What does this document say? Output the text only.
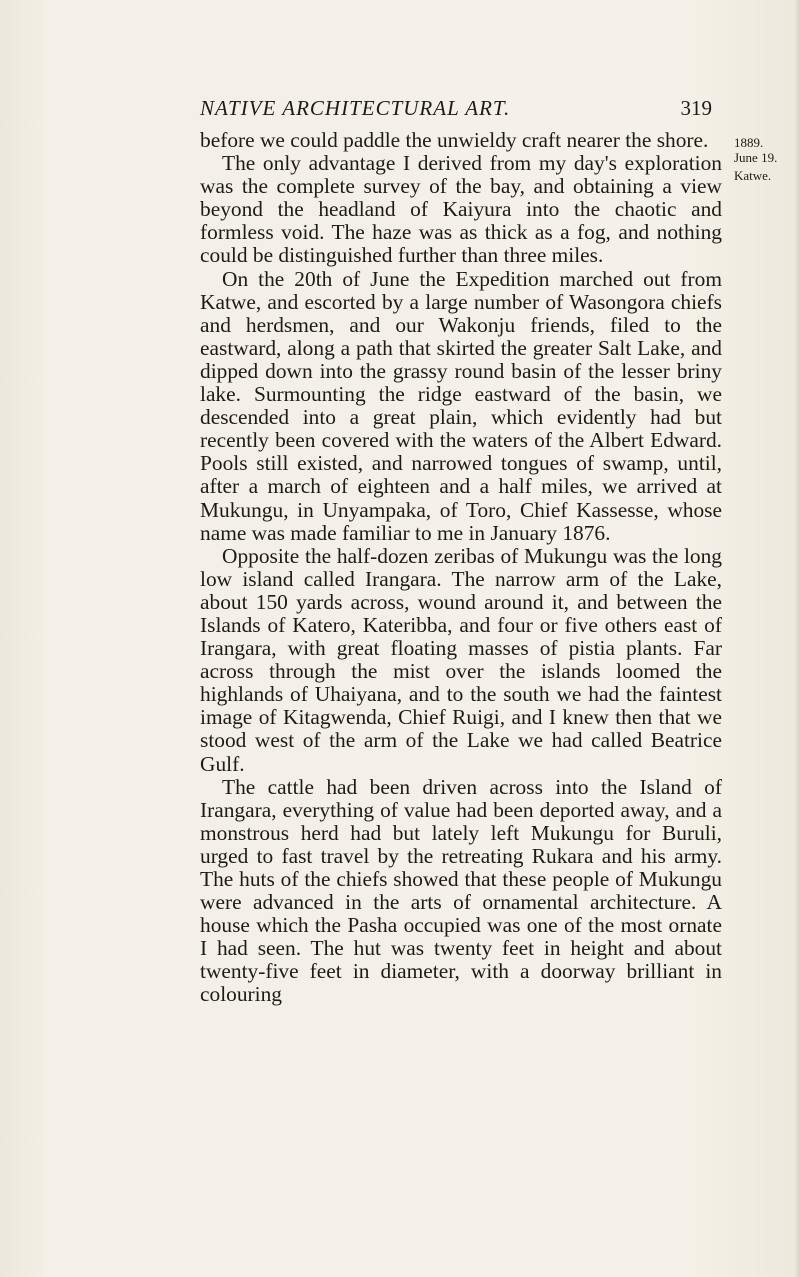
NATIVE ARCHITECTURAL ART.	319
1889.
June 19.
Katwe.

before we could paddle the unwieldy craft nearer the shore.

The only advantage I derived from my day's exploration was the complete survey of the bay, and obtaining a view beyond the headland of Kaiyura into the chaotic and formless void. The haze was as thick as a fog, and nothing could be distinguished further than three miles.

On the 20th of June the Expedition marched out from Katwe, and escorted by a large number of Wasongora chiefs and herdsmen, and our Wakonju friends, filed to the eastward, along a path that skirted the greater Salt Lake, and dipped down into the grassy round basin of the lesser briny lake. Surmounting the ridge eastward of the basin, we descended into a great plain, which evidently had but recently been covered with the waters of the Albert Edward. Pools still existed, and narrowed tongues of swamp, until, after a march of eighteen and a half miles, we arrived at Mukungu, in Unyampaka, of Toro, Chief Kassesse, whose name was made familiar to me in January 1876.

Opposite the half-dozen zeribas of Mukungu was the long low island called Irangara. The narrow arm of the Lake, about 150 yards across, wound around it, and between the Islands of Katero, Kateribba, and four or five others east of Irangara, with great floating masses of pistia plants. Far across through the mist over the islands loomed the highlands of Uhaiyana, and to the south we had the faintest image of Kitagwenda, Chief Ruigi, and I knew then that we stood west of the arm of the Lake we had called Beatrice Gulf.

The cattle had been driven across into the Island of Irangara, everything of value had been deported away, and a monstrous herd had but lately left Mukungu for Buruli, urged to fast travel by the retreating Rukara and his army. The huts of the chiefs showed that these people of Mukungu were advanced in the arts of ornamental architecture. A house which the Pasha occupied was one of the most ornate I had seen. The hut was twenty feet in height and about twenty-five feet in diameter, with a doorway brilliant in colouring
